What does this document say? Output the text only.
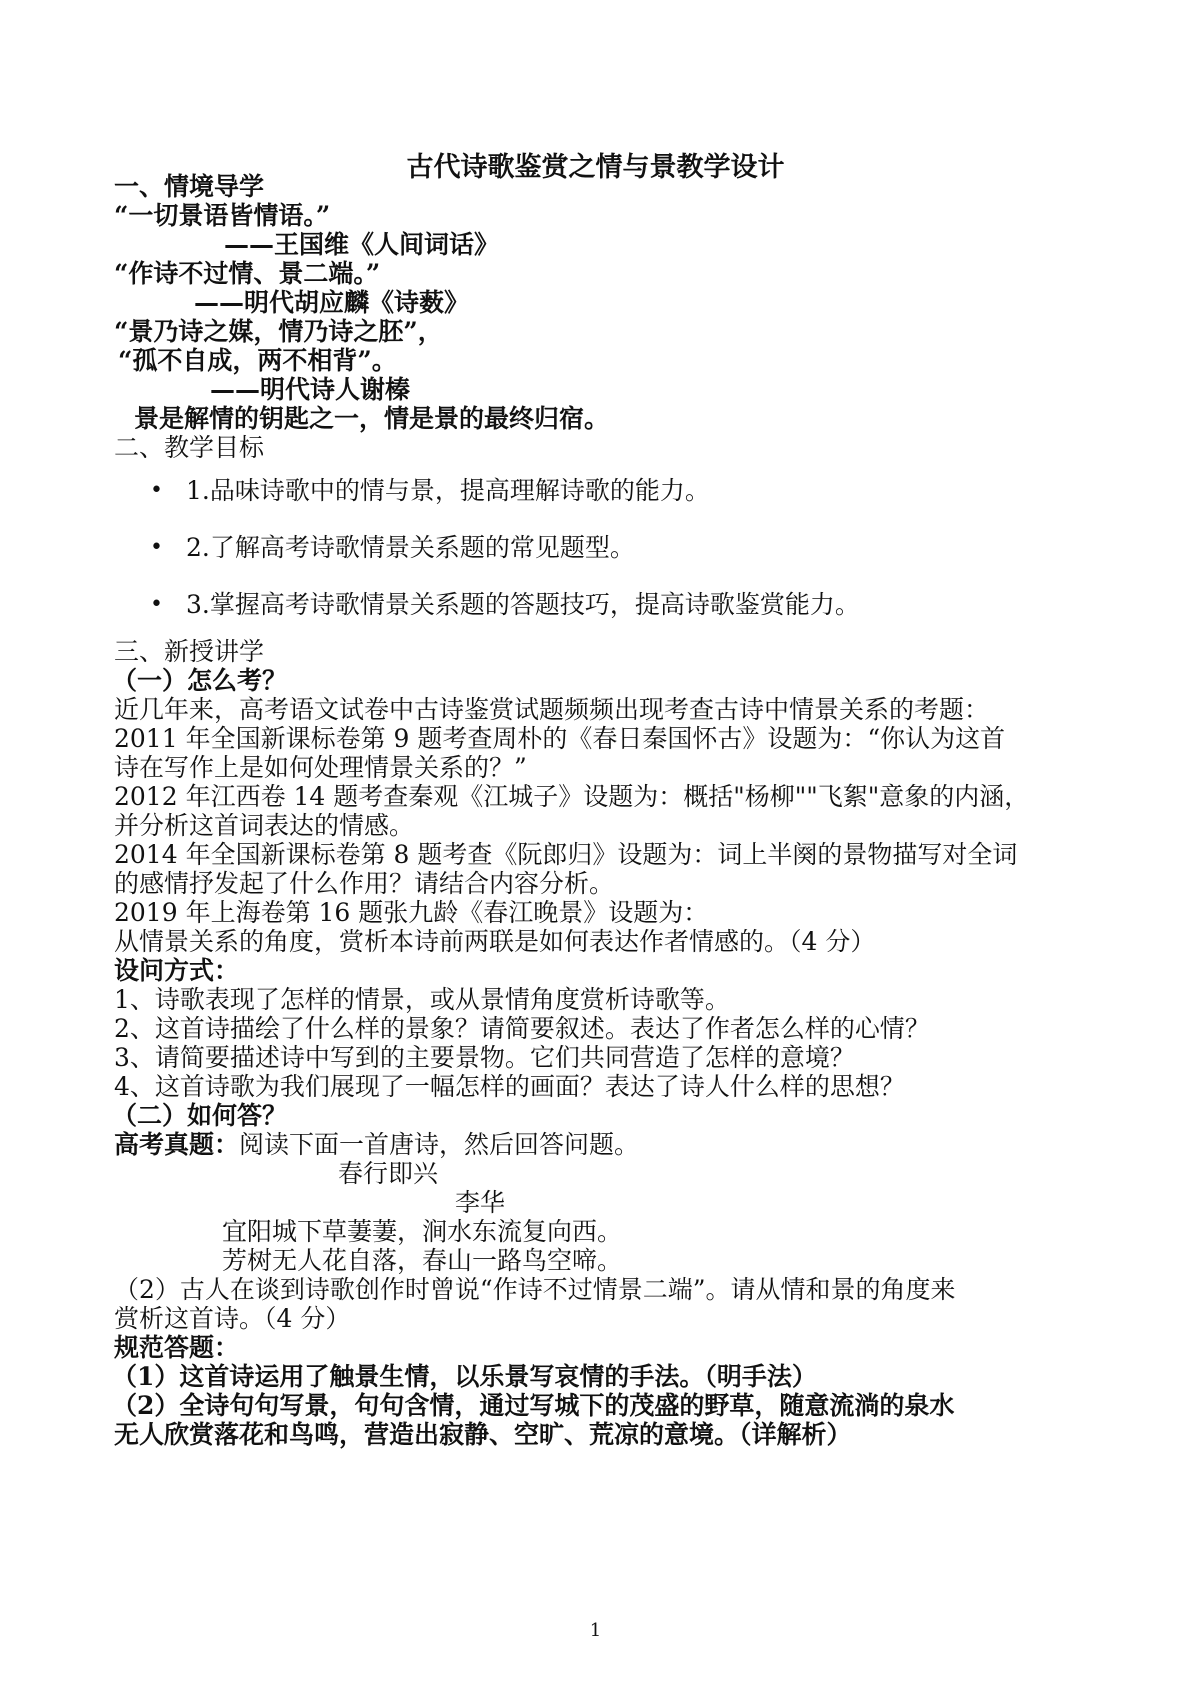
古代诗歌鉴赏之情与景教学设计
一、情境导学
“一切景语皆情语。”
——王国维《人间词话》
“作诗不过情、景二端。”
——明代胡应麟《诗薮》
“景乃诗之媒，情乃诗之胚”，
“孤不自成，两不相背”。
——明代诗人谢榛
景是解情的钥匙之一，情是景的最终归宿。
二、教学目标
• 1.品味诗歌中的情与景，提高理解诗歌的能力。
• 2.了解高考诗歌情景关系题的常见题型。
• 3.掌握高考诗歌情景关系题的答题技巧，提高诗歌鉴赏能力。
三、新授讲学
（一）怎么考？
近几年来，高考语文试卷中古诗鉴赏试题频频出现考查古诗中情景关系的考题：
2011 年全国新课标卷第 9 题考查周朴的《春日秦国怀古》设题为：“你认为这首
诗在写作上是如何处理情景关系的？”
2012 年江西卷 14 题考查秦观《江城子》设题为：概括"杨柳""飞絮"意象的内涵，
并分析这首词表达的情感。
2014 年全国新课标卷第 8 题考查《阮郎归》设题为：词上半阕的景物描写对全词
的感情抒发起了什么作用？请结合内容分析。
2019 年上海卷第 16 题张九龄《春江晚景》设题为：
从情景关系的角度，赏析本诗前两联是如何表达作者情感的。（4 分）
设问方式：
1、诗歌表现了怎样的情景，或从景情角度赏析诗歌等。
2、这首诗描绘了什么样的景象？请简要叙述。表达了作者怎么样的心情？
3、请简要描述诗中写到的主要景物。它们共同营造了怎样的意境？
4、这首诗歌为我们展现了一幅怎样的画面？表达了诗人什么样的思想？
（二）如何答？
高考真题：阅读下面一首唐诗，然后回答问题。
春行即兴
李华
宜阳城下草萋萋，涧水东流复向西。
芳树无人花自落，春山一路鸟空啼。
（2）古人在谈到诗歌创作时曾说“作诗不过情景二端”。请从情和景的角度来
赏析这首诗。（4 分）
规范答题：
（1）这首诗运用了触景生情，以乐景写哀情的手法。（明手法）
（2）全诗句句写景，句句含情，通过写城下的茂盛的野草，随意流淌的泉水
无人欣赏落花和鸟鸣，营造出寂静、空旷、荒凉的意境。（详解析）
1
